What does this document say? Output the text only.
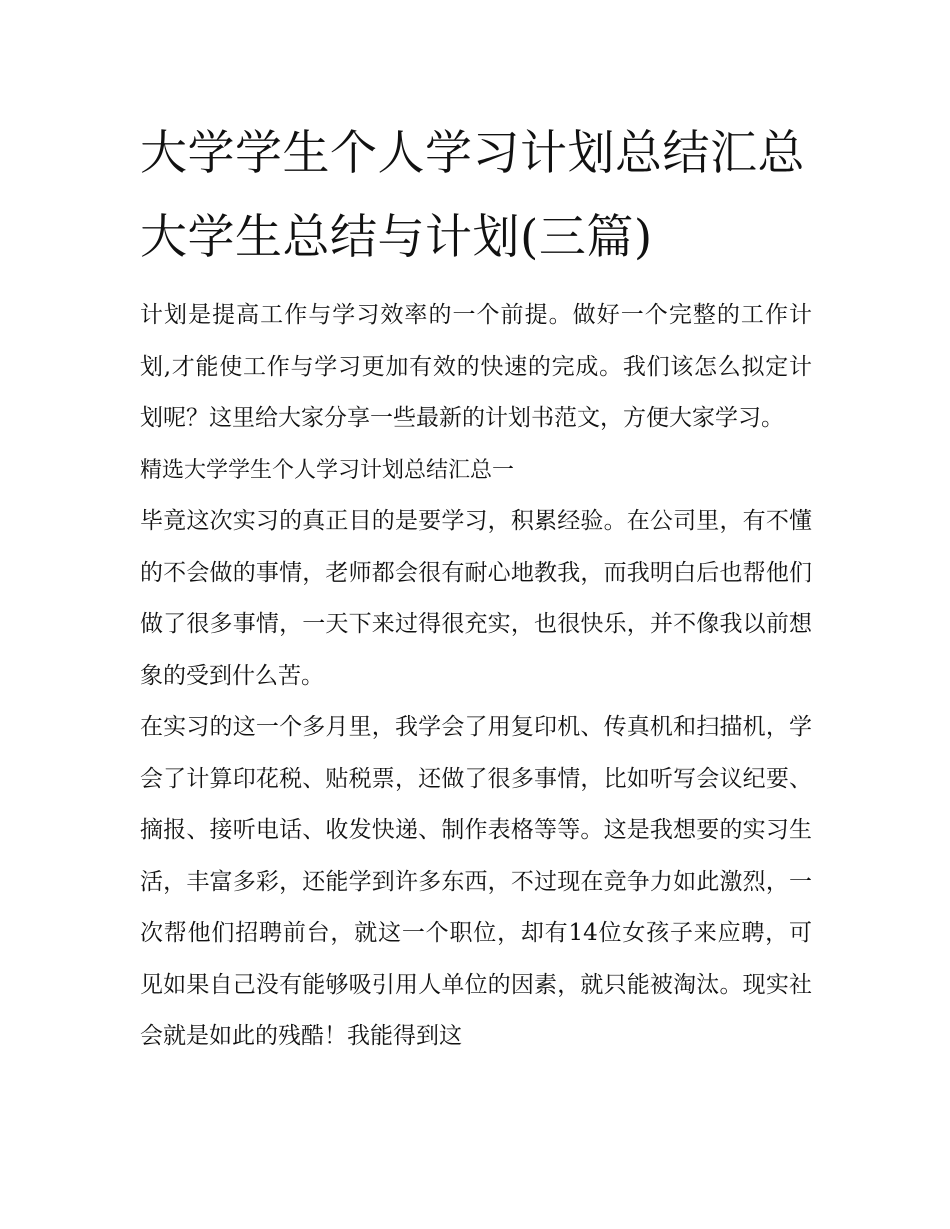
大学学生个人学习计划总结汇总 大学生总结与计划(三篇)

计划是提高工作与学习效率的一个前提。做好一个完整的工作计划,才能使工作与学习更加有效的快速的完成。我们该怎么拟定计划呢？这里给大家分享一些最新的计划书范文，方便大家学习。

精选大学学生个人学习计划总结汇总一

毕竟这次实习的真正目的是要学习，积累经验。在公司里，有不懂的不会做的事情，老师都会很有耐心地教我，而我明白后也帮他们做了很多事情，一天下来过得很充实，也很快乐，并不像我以前想象的受到什么苦。

在实习的这一个多月里，我学会了用复印机、传真机和扫描机，学会了计算印花税、贴税票，还做了很多事情，比如听写会议纪要、摘报、接听电话、收发快递、制作表格等等。这是我想要的实习生活，丰富多彩，还能学到许多东西，不过现在竞争力如此激烈，一次帮他们招聘前台，就这一个职位，却有14位女孩子来应聘，可见如果自己没有能够吸引用人单位的因素，就只能被淘汰。现实社会就是如此的残酷！我能得到这
